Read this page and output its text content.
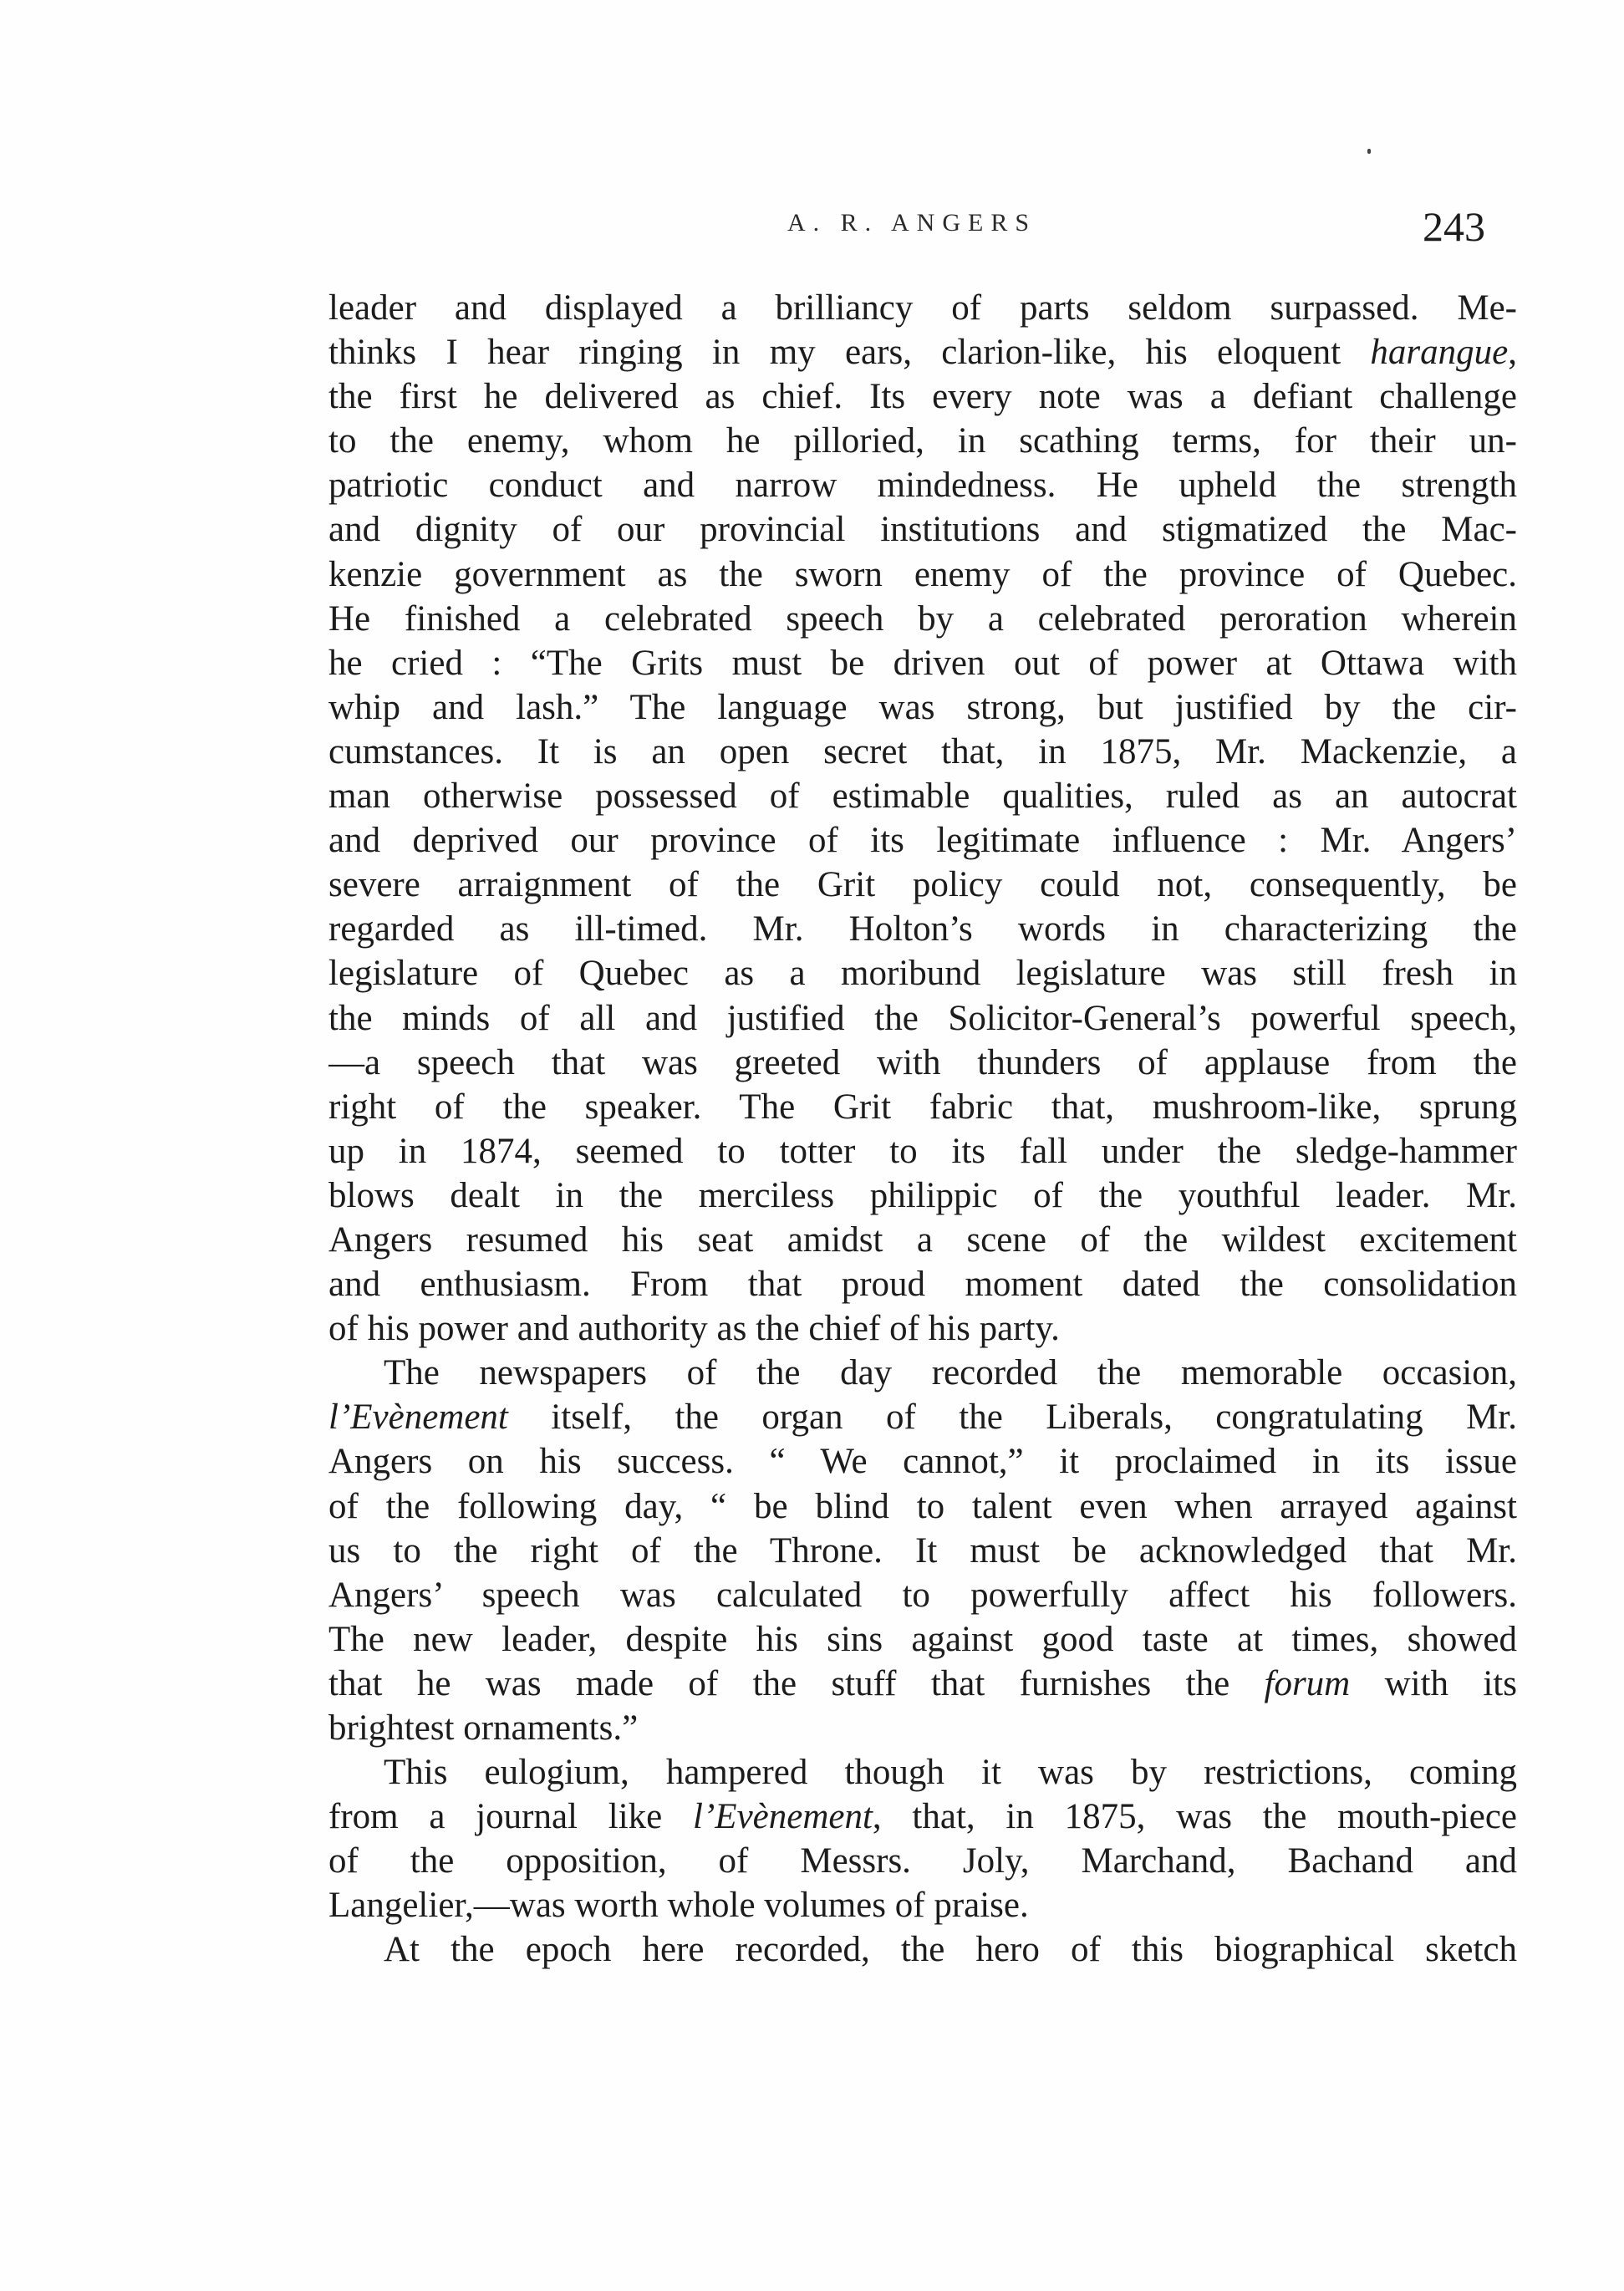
A. R. ANGERS	243
leader and displayed a brilliancy of parts seldom surpassed. Me-
thinks I hear ringing in my ears, clarion-like, his eloquent harangue,
the first he delivered as chief. Its every note was a defiant challenge
to the enemy, whom he pilloried, in scathing terms, for their un-
patriotic conduct and narrow mindedness. He upheld the strength
and dignity of our provincial institutions and stigmatized the Mac-
kenzie government as the sworn enemy of the province of Quebec.
He finished a celebrated speech by a celebrated peroration wherein
he cried : “The Grits must be driven out of power at Ottawa with
whip and lash.” The language was strong, but justified by the cir-
cumstances. It is an open secret that, in 1875, Mr. Mackenzie, a
man otherwise possessed of estimable qualities, ruled as an autocrat
and deprived our province of its legitimate influence : Mr. Angers’
severe arraignment of the Grit policy could not, consequently, be
regarded as ill-timed. Mr. Holton’s words in characterizing the
legislature of Quebec as a moribund legislature was still fresh in
the minds of all and justified the Solicitor-General’s powerful speech,
—a speech that was greeted with thunders of applause from the
right of the speaker. The Grit fabric that, mushroom-like, sprung
up in 1874, seemed to totter to its fall under the sledge-hammer
blows dealt in the merciless philippic of the youthful leader. Mr.
Angers resumed his seat amidst a scene of the wildest excitement
and enthusiasm. From that proud moment dated the consolidation
of his power and authority as the chief of his party.
The newspapers of the day recorded the memorable occasion,
l’Evènement itself, the organ of the Liberals, congratulating Mr.
Angers on his success. “ We cannot,” it proclaimed in its issue
of the following day, “ be blind to talent even when arrayed against
us to the right of the Throne. It must be acknowledged that Mr.
Angers’ speech was calculated to powerfully affect his followers.
The new leader, despite his sins against good taste at times, showed
that he was made of the stuff that furnishes the forum with its
brightest ornaments.”
This eulogium, hampered though it was by restrictions, coming
from a journal like l’Evènement, that, in 1875, was the mouth-piece
of the opposition, of Messrs. Joly, Marchand, Bachand and
Langelier,—was worth whole volumes of praise.
At the epoch here recorded, the hero of this biographical sketch
